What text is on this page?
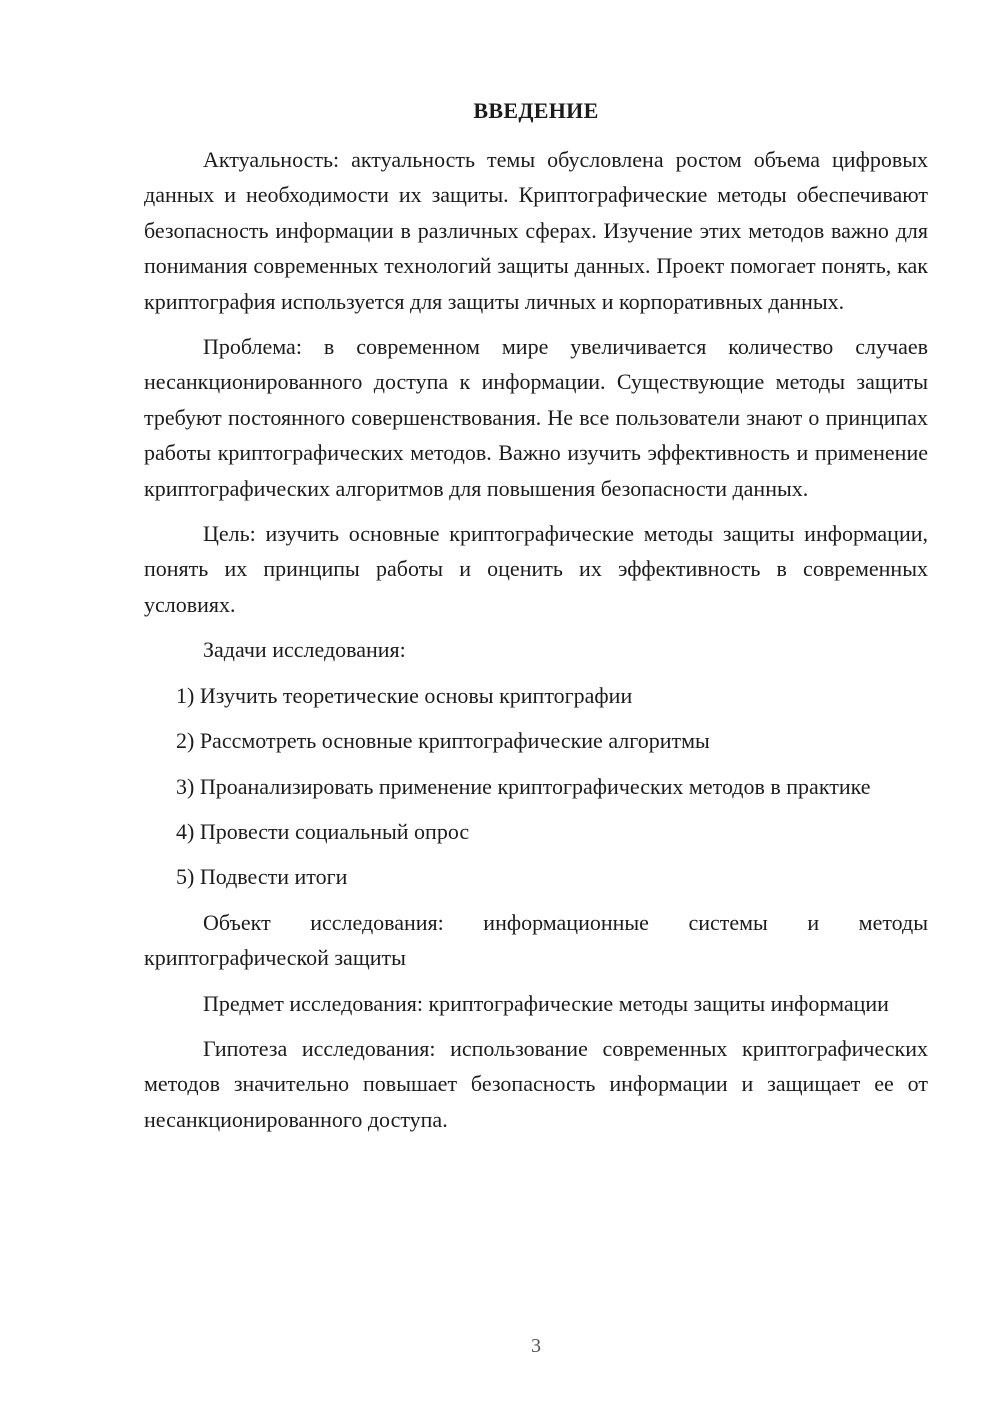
ВВЕДЕНИЕ

Актуальность: актуальность темы обусловлена ростом объема цифровых данных и необходимости их защиты. Криптографические методы обеспечивают безопасность информации в различных сферах. Изучение этих методов важно для понимания современных технологий защиты данных. Проект помогает понять, как криптография используется для защиты личных и корпоративных данных.

Проблема: в современном мире увеличивается количество случаев несанкционированного доступа к информации. Существующие методы защиты требуют постоянного совершенствования. Не все пользователи знают о принципах работы криптографических методов. Важно изучить эффективность и применение криптографических алгоритмов для повышения безопасности данных.

Цель: изучить основные криптографические методы защиты информации, понять их принципы работы и оценить их эффективность в современных условиях.

Задачи исследования:

1) Изучить теоретические основы криптографии

2) Рассмотреть основные криптографические алгоритмы

3) Проанализировать применение криптографических методов в практике

4) Провести социальный опрос

5) Подвести итоги

Объект исследования: информационные системы и методы криптографической защиты

Предмет исследования: криптографические методы защиты информации

Гипотеза исследования: использование современных криптографических методов значительно повышает безопасность информации и защищает ее от несанкционированного доступа.

3
